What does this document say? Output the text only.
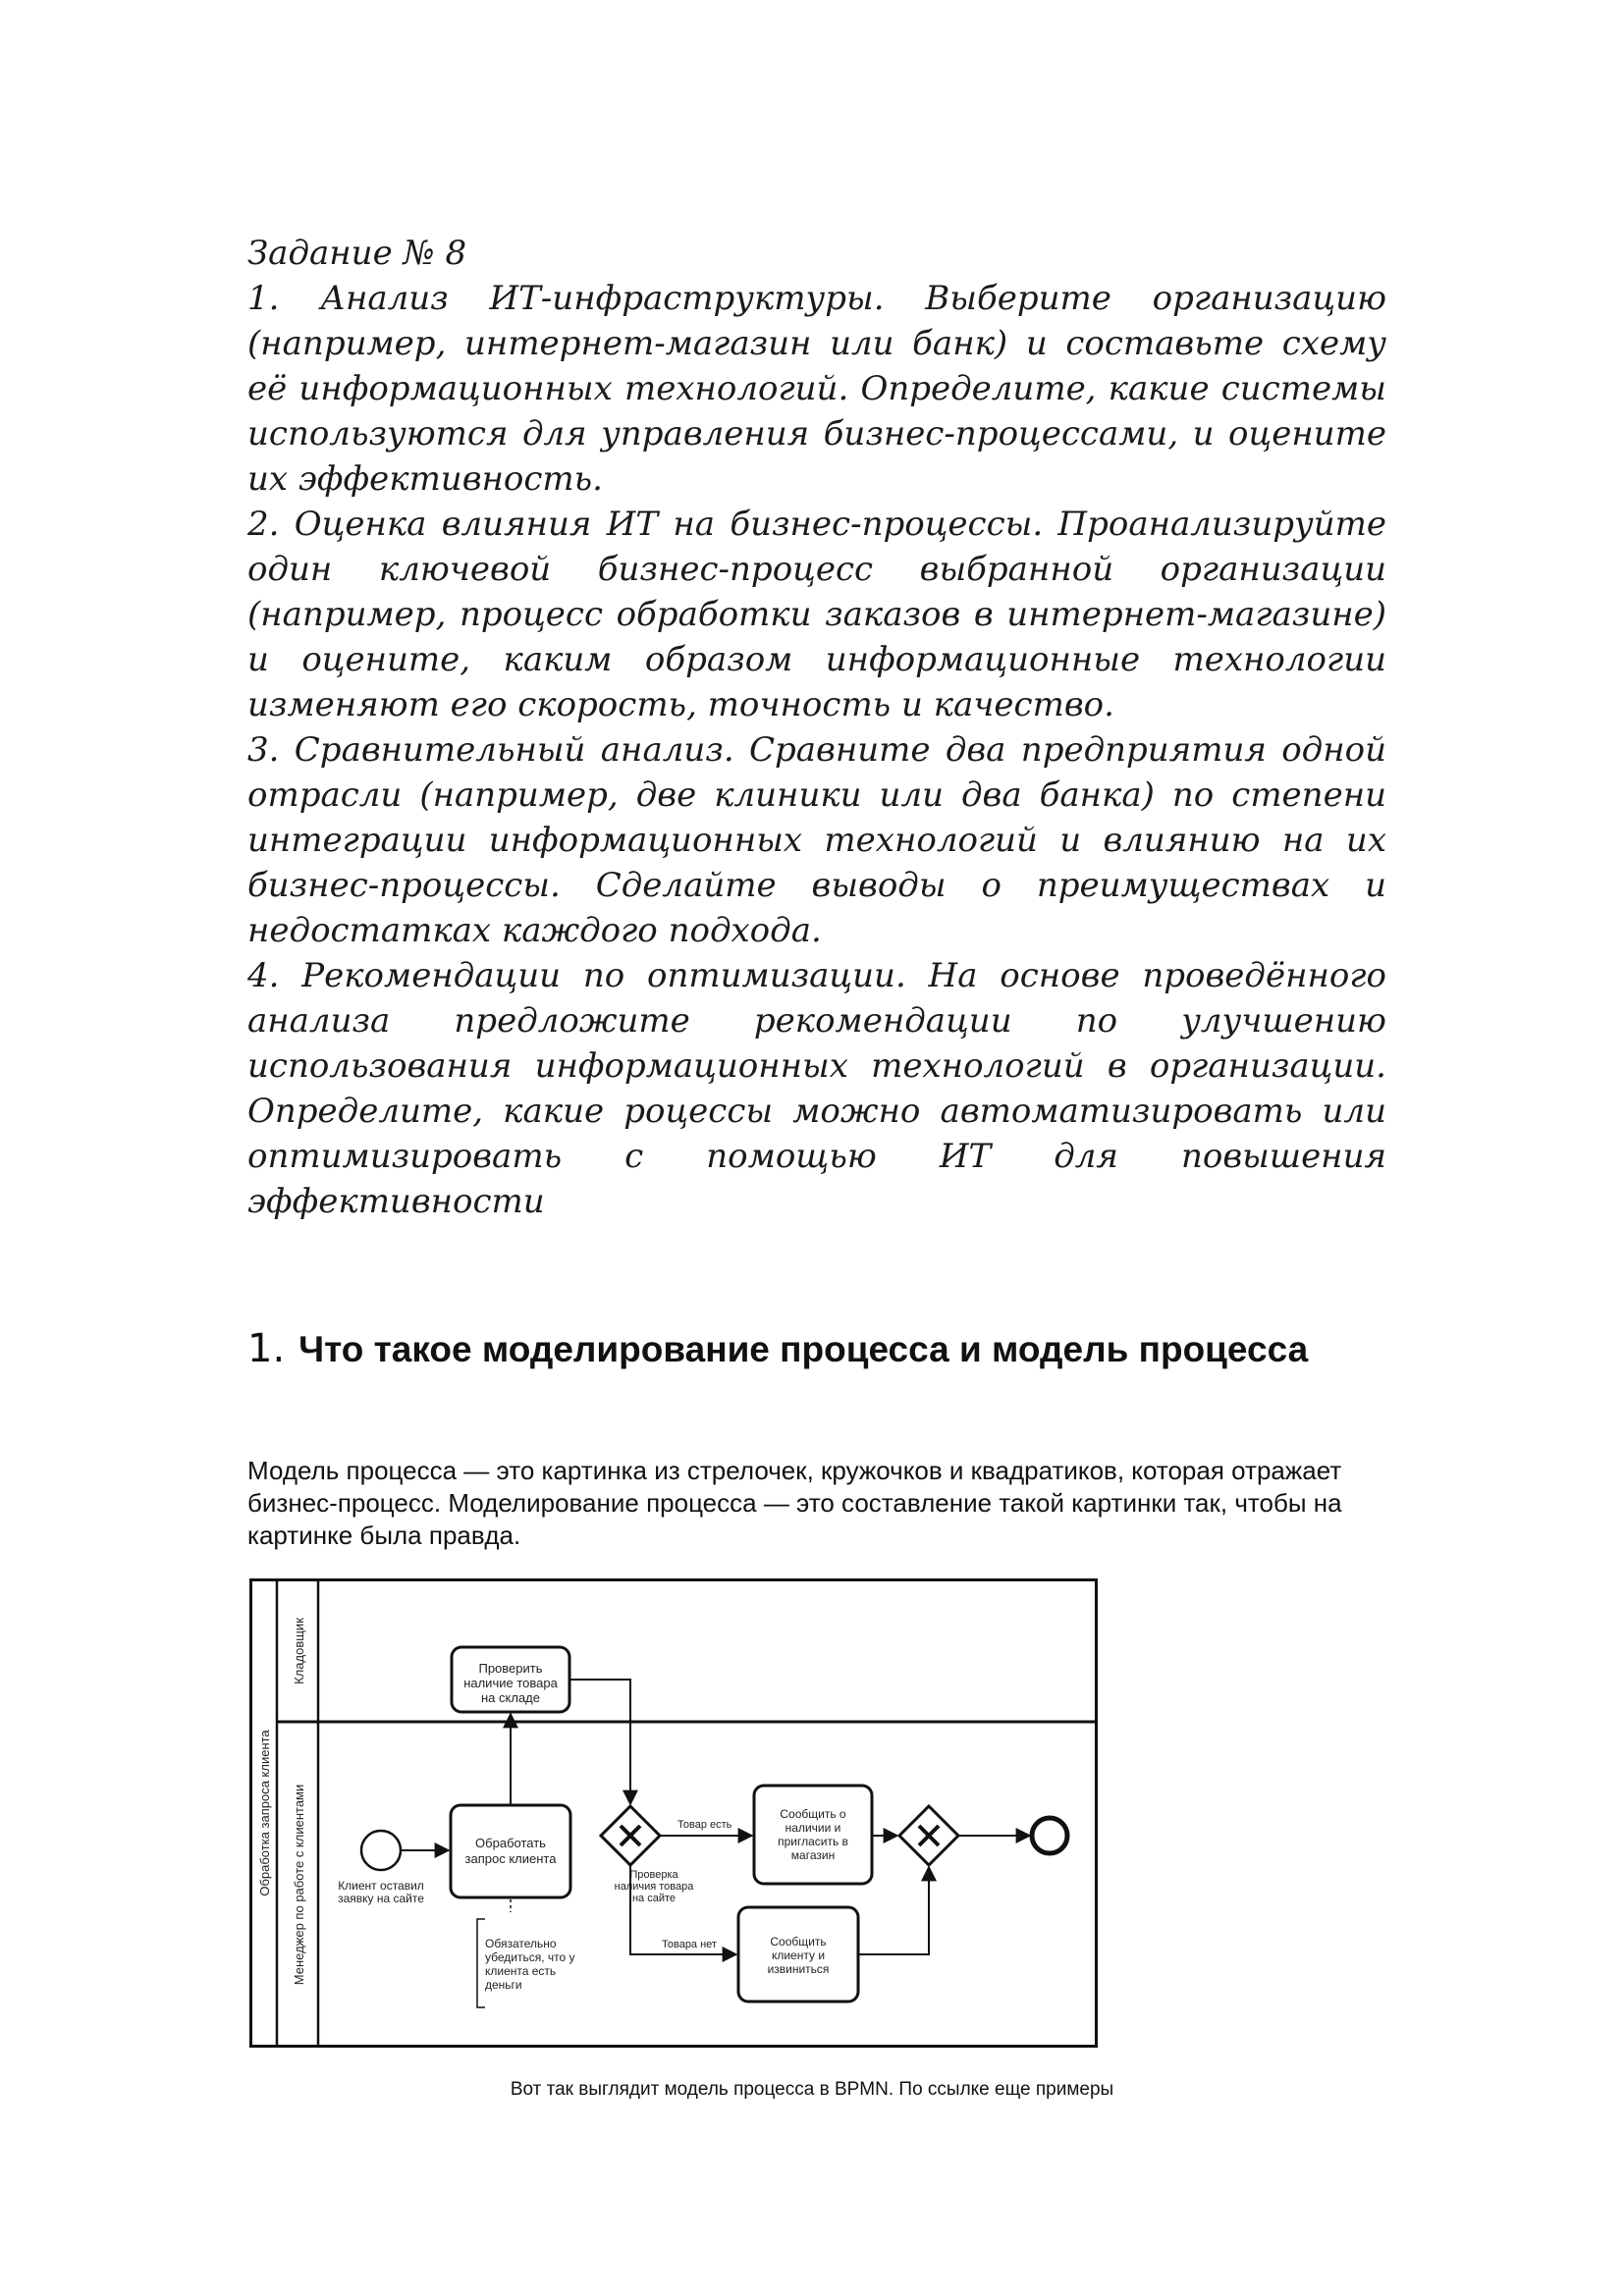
Задание № 8

1. Анализ ИТ-инфраструктуры. Выберите организацию (например, интернет-магазин или банк) и составьте схему её информационных технологий. Определите, какие системы используются для управления бизнес-процессами, и оцените их эффективность.

2. Оценка влияния ИТ на бизнес-процессы. Проанализируйте один ключевой бизнес-процесс выбранной организации (например, процесс обработки заказов в интернет-магазине) и оцените, каким образом информационные технологии изменяют его скорость, точность и качество.

3. Сравнительный анализ. Сравните два предприятия одной отрасли (например, две клиники или два банка) по степени интеграции информационных технологий и влиянию на их бизнес-процессы. Сделайте выводы о преимуществах и недостатках каждого подхода.

4. Рекомендации по оптимизации. На основе проведённого анализа предложите рекомендации по улучшению использования информационных технологий в организации. Определите, какие роцессы можно автоматизировать или оптимизировать с помощью ИТ для повышения эффективности

1. Что такое моделирование процесса и модель процесса

Модель процесса — это картинка из стрелочек, кружочков и квадратиков, которая отражает бизнес-процесс. Моделирование процесса — это составление такой картинки так, чтобы на картинке была правда.

Обработка запроса клиента
Кладовщик
Менеджер по работе с клиентами
Проверить
наличие товара
на складе
Клиент оставил
заявку на сайте
Обработать
запрос клиента
Обязательно
убедиться, что у
клиента есть
деньги
Проверка
наличия товара
на сайте
Сообщить о
наличии и
пригласить в
магазин
Сообщить
клиенту и
извиниться
Товар есть
Товара нет

Вот так выглядит модель процесса в BPMN. По ссылке еще примеры
